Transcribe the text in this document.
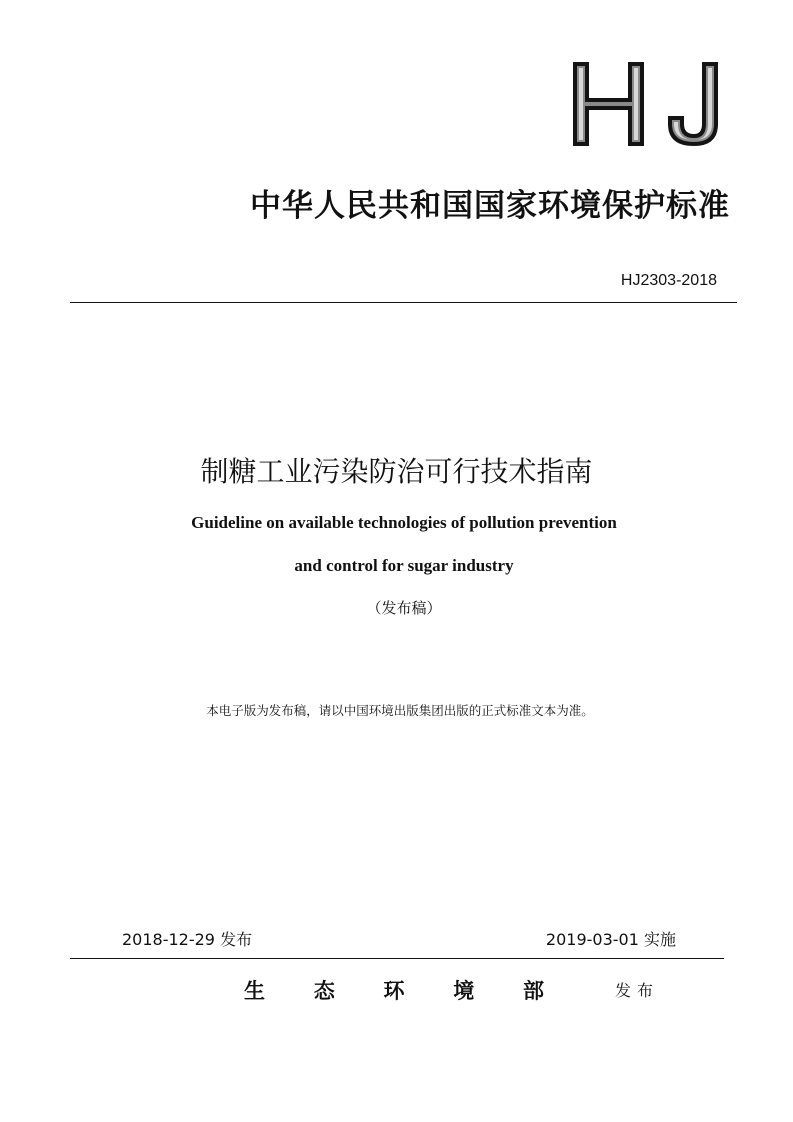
中华人民共和国国家环境保护标准
HJ2303-2018
制糖工业污染防治可行技术指南
Guideline on available technologies of pollution prevention
and control for sugar industry
（发布稿）
本电子版为发布稿，请以中国环境出版集团出版的正式标准文本为准。
2018-12-29 发布	2019-03-01 实施
生 态 环 境 部	发布
